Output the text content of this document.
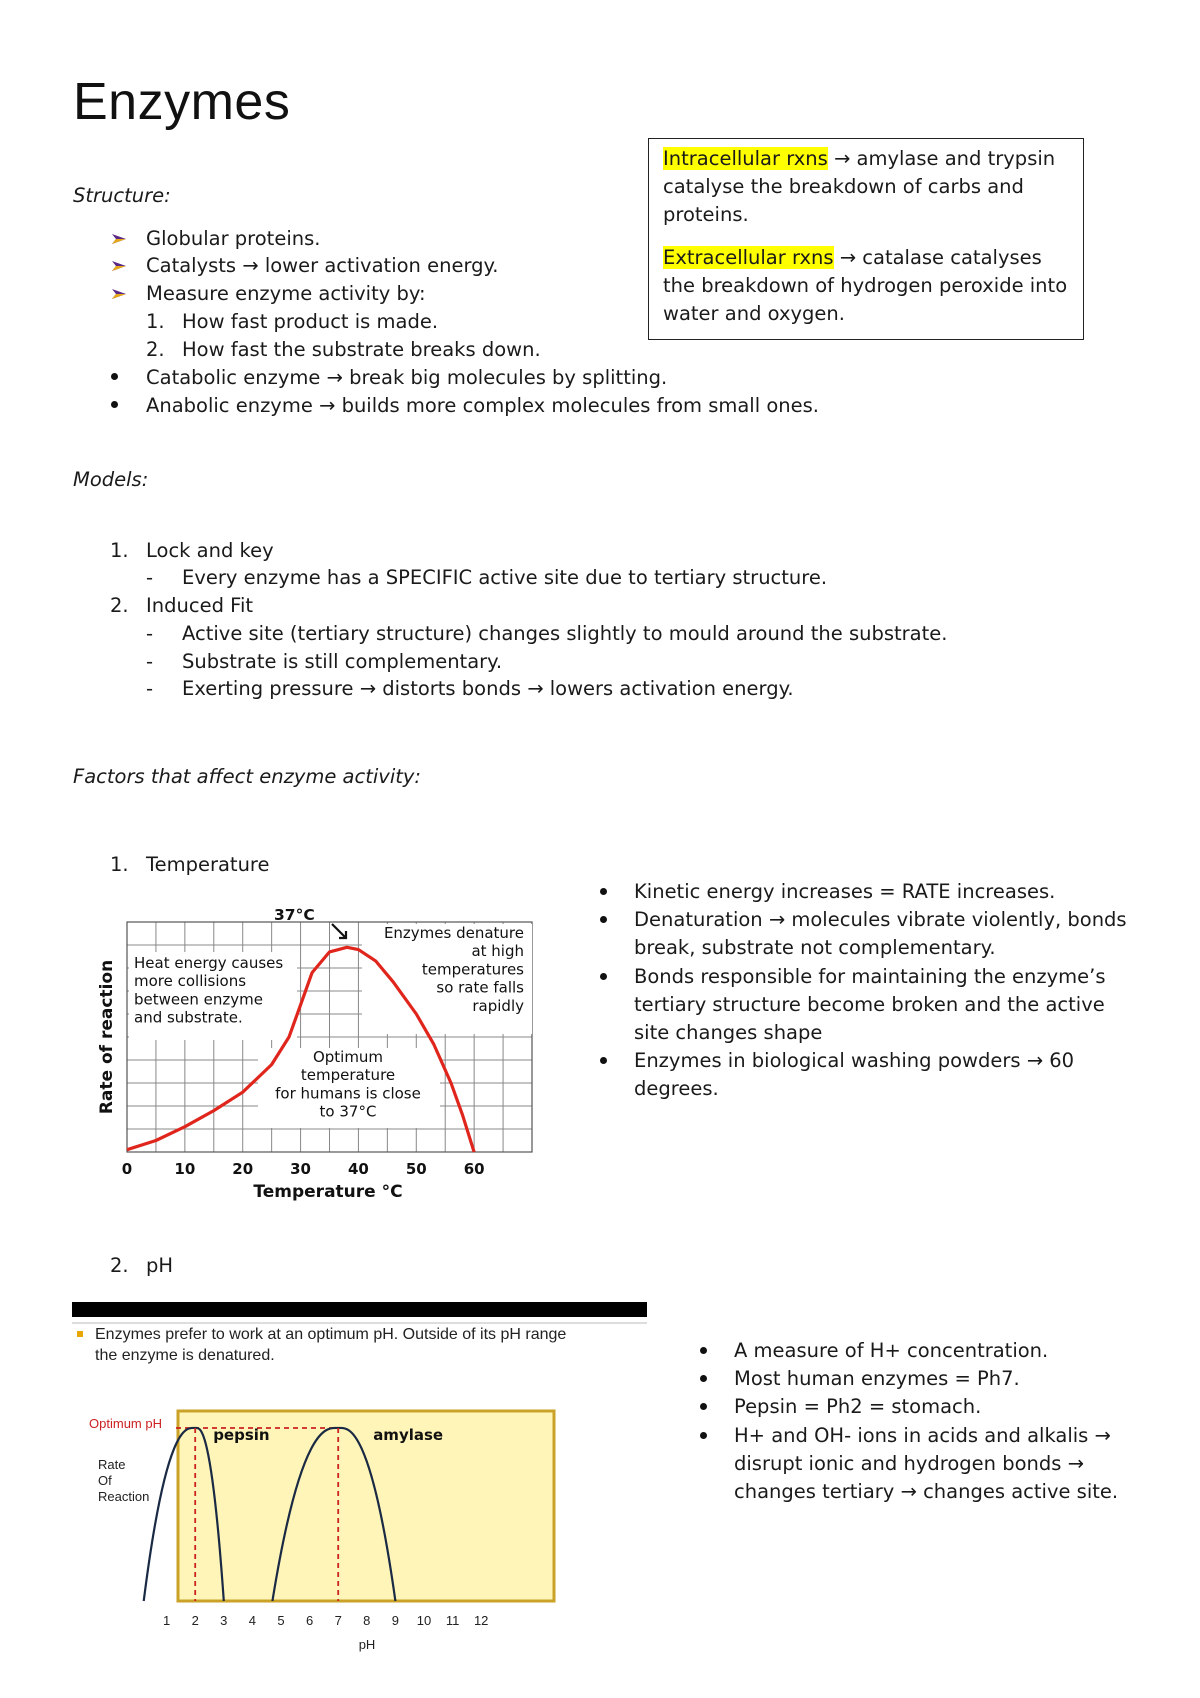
Enzymes
Structure:
Globular proteins.
Catalysts → lower activation energy.
Measure enzyme activity by:
1. How fast product is made.
2. How fast the substrate breaks down.
Catabolic enzyme → break big molecules by splitting.
Anabolic enzyme → builds more complex molecules from small ones.

Intracellular rxns → amylase and trypsin catalyse the breakdown of carbs and proteins.

Extracellular rxns → catalase catalyses the breakdown of hydrogen peroxide into water and oxygen.

Models:
1. Lock and key
- Every enzyme has a SPECIFIC active site due to tertiary structure.
2. Induced Fit
- Active site (tertiary structure) changes slightly to mould around the substrate.
- Substrate is still complementary.
- Exerting pressure → distorts bonds → lowers activation energy.
Factors that affect enzyme activity:
1. Temperature
37°C
Enzymes denature
at high
temperatures
so rate falls
rapidly
Heat energy causes
more collisions
between enzyme
and substrate.
Optimum
temperature
for humans is close
to 37°C
0	10 20 30 40 50 60
Temperature °C
Rate of reaction
Kinetic energy increases = RATE increases.
Denaturation → molecules vibrate violently, bonds
break, substrate not complementary.
Bonds responsible for maintaining the enzyme’s
tertiary structure become broken and the active
site changes shape
Enzymes in biological washing powders → 60
degrees.
2. pH
Enzymes prefer to work at an optimum pH. Outside of its pH range
the enzyme is denatured.
Optimum pH
Rate
Of
Reaction
pepsin	amylase
1 2 3 4 5 6 7 8 9 10 11 12
pH
A measure of H+ concentration.
Most human enzymes = Ph7.
Pepsin = Ph2 = stomach.
H+ and OH- ions in acids and alkalis →
disrupt ionic and hydrogen bonds →
changes tertiary → changes active site.
